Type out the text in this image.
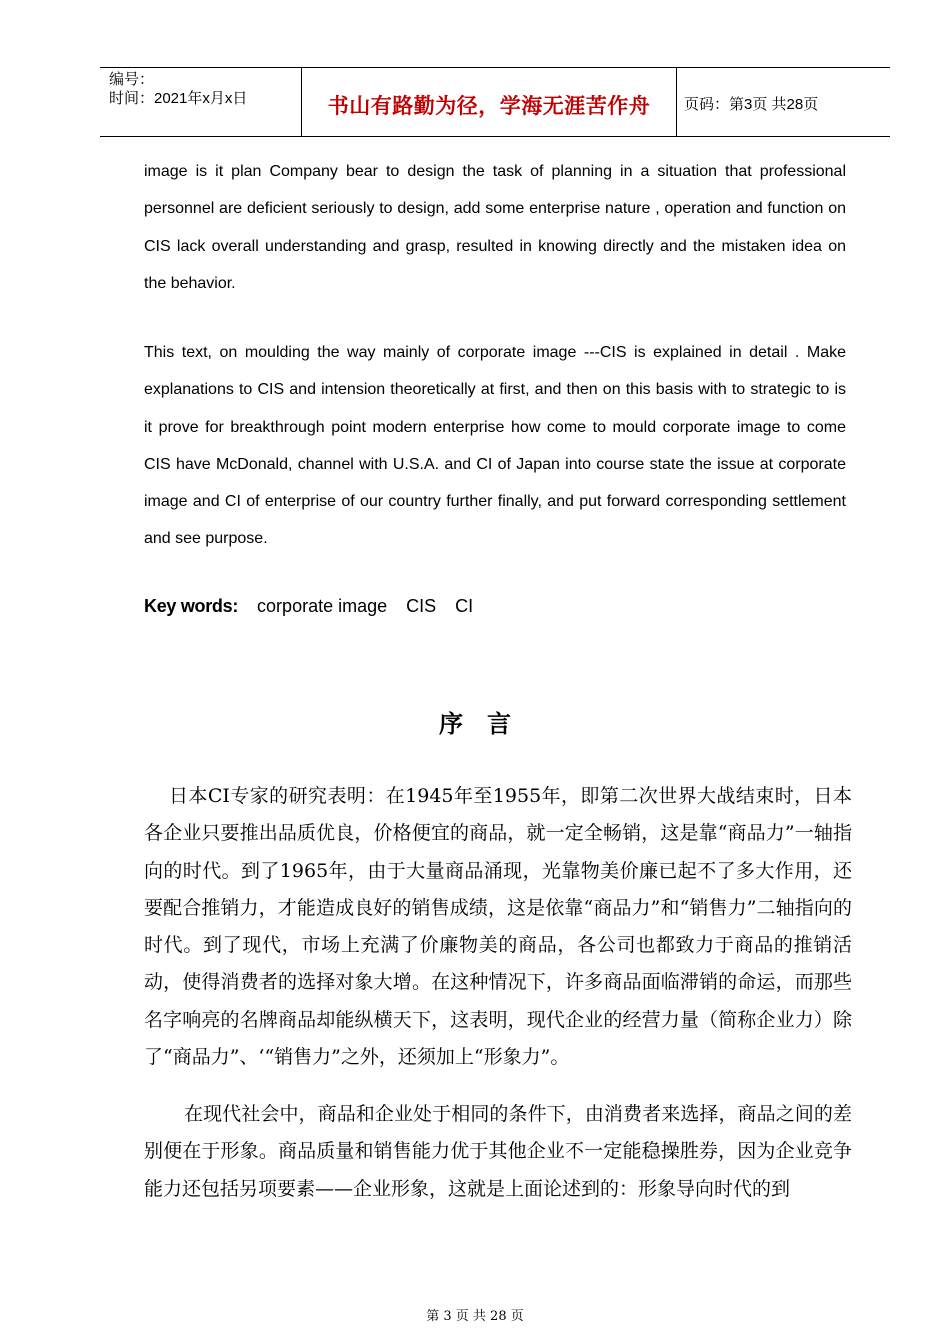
编号：
时间：2021年x月x日	书山有路勤为径，学海无涯苦作舟	页码：第3页 共28页

image is it plan Company bear to design the task of planning in a situation that professional personnel are deficient seriously to design, add some enterprise nature , operation and function on CIS lack overall understanding and grasp, resulted in knowing directly and the mistaken idea on the behavior.

This text, on moulding the way mainly of corporate image ---CIS is explained in detail . Make explanations to CIS and intension theoretically at first, and then on this basis with to strategic to is it prove for breakthrough point modern enterprise how come to mould corporate image to come CIS have McDonald, channel with U.S.A. and CI of Japan into course state the issue at corporate image and CI of enterprise of our country further finally, and put forward corresponding settlement and see purpose.

Key words: corporate image CIS CI
序言

日本CI专家的研究表明：在1945年至1955年，即第二次世界大战结束时，日本各企业只要推出品质优良，价格便宜的商品，就一定全畅销，这是靠“商品力”一轴指向的时代。到了1965年，由于大量商品涌现，光靠物美价廉已起不了多大作用，还要配合推销力，才能造成良好的销售成绩，这是依靠“商品力”和“销售力”二轴指向的时代。到了现代，市场上充满了价廉物美的商品，各公司也都致力于商品的推销活动，使得消费者的选择对象大增。在这种情况下，许多商品面临滞销的命运，而那些名字响亮的名牌商品却能纵横天下，这表明，现代企业的经营力量（简称企业力）除了“商品力”、‘“销售力”之外，还须加上“形象力”。

在现代社会中，商品和企业处于相同的条件下，由消费者来选择，商品之间的差别便在于形象。商品质量和销售能力优于其他企业不一定能稳操胜券，因为企业竞争能力还包括另项要素——企业形象，这就是上面论述到的：形象导向时代的到

第 3 页 共 28 页
